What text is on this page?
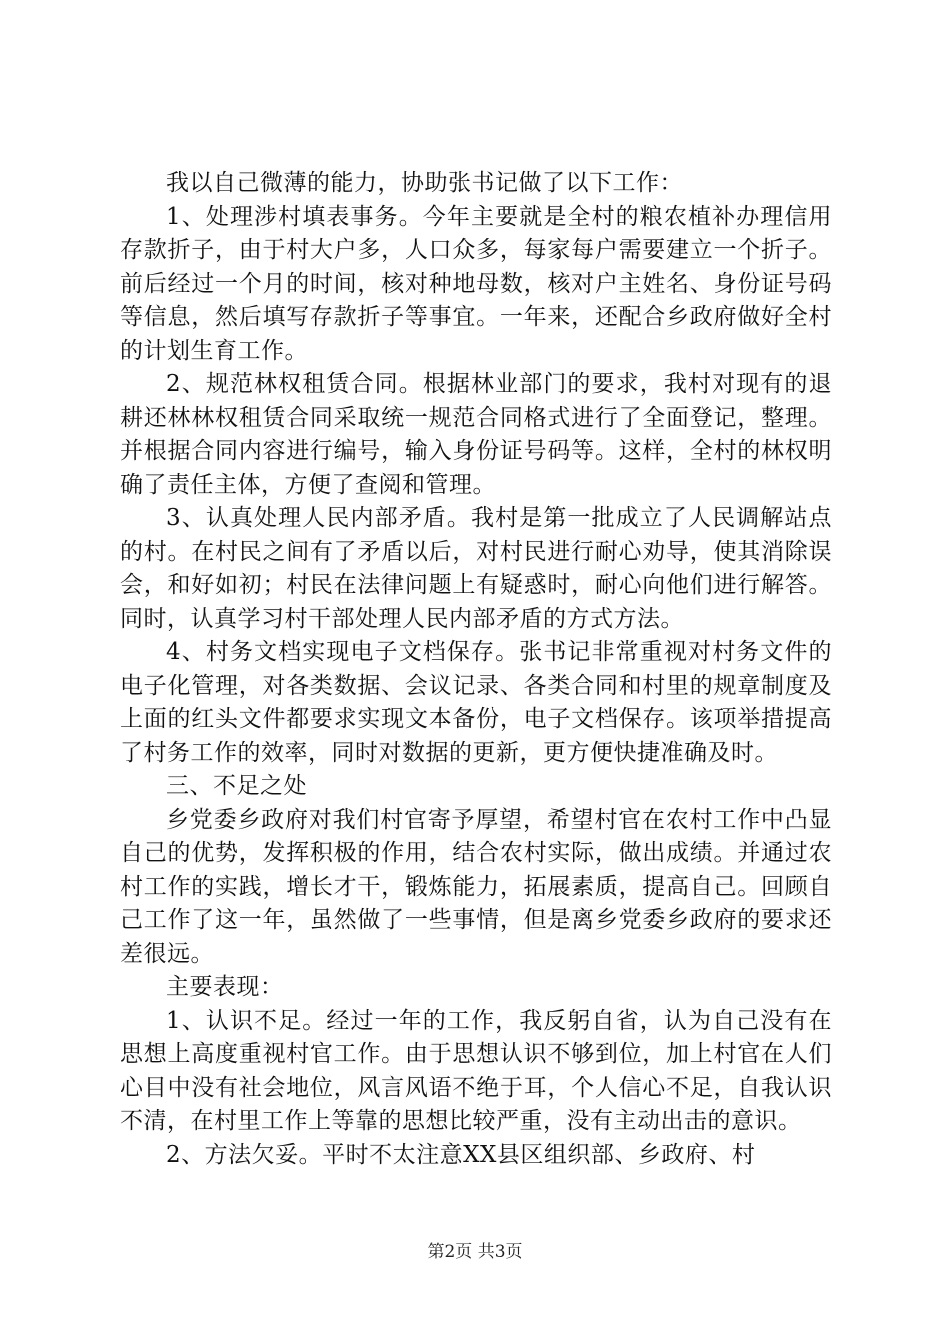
我以自己微薄的能力，协助张书记做了以下工作：

1、处理涉村填表事务。今年主要就是全村的粮农植补办理信用存款折子，由于村大户多，人口众多，每家每户需要建立一个折子。前后经过一个月的时间，核对种地母数，核对户主姓名、身份证号码等信息，然后填写存款折子等事宜。一年来，还配合乡政府做好全村的计划生育工作。

2、规范林权租赁合同。根据林业部门的要求，我村对现有的退耕还林林权租赁合同采取统一规范合同格式进行了全面登记，整理。并根据合同内容进行编号，输入身份证号码等。这样，全村的林权明确了责任主体，方便了查阅和管理。

3、认真处理人民内部矛盾。我村是第一批成立了人民调解站点的村。在村民之间有了矛盾以后，对村民进行耐心劝导，使其消除误会，和好如初；村民在法律问题上有疑惑时，耐心向他们进行解答。同时，认真学习村干部处理人民内部矛盾的方式方法。

4、村务文档实现电子文档保存。张书记非常重视对村务文件的电子化管理，对各类数据、会议记录、各类合同和村里的规章制度及上面的红头文件都要求实现文本备份，电子文档保存。该项举措提高了村务工作的效率，同时对数据的更新，更方便快捷准确及时。

三、不足之处

乡党委乡政府对我们村官寄予厚望，希望村官在农村工作中凸显自己的优势，发挥积极的作用，结合农村实际，做出成绩。并通过农村工作的实践，增长才干，锻炼能力，拓展素质，提高自己。回顾自己工作了这一年，虽然做了一些事情，但是离乡党委乡政府的要求还差很远。

主要表现：

1、认识不足。经过一年的工作，我反躬自省，认为自己没有在思想上高度重视村官工作。由于思想认识不够到位，加上村官在人们心目中没有社会地位，风言风语不绝于耳，个人信心不足，自我认识不清，在村里工作上等靠的思想比较严重，没有主动出击的意识。

2、方法欠妥。平时不太注意XX县区组织部、乡政府、村

第2页 共3页
